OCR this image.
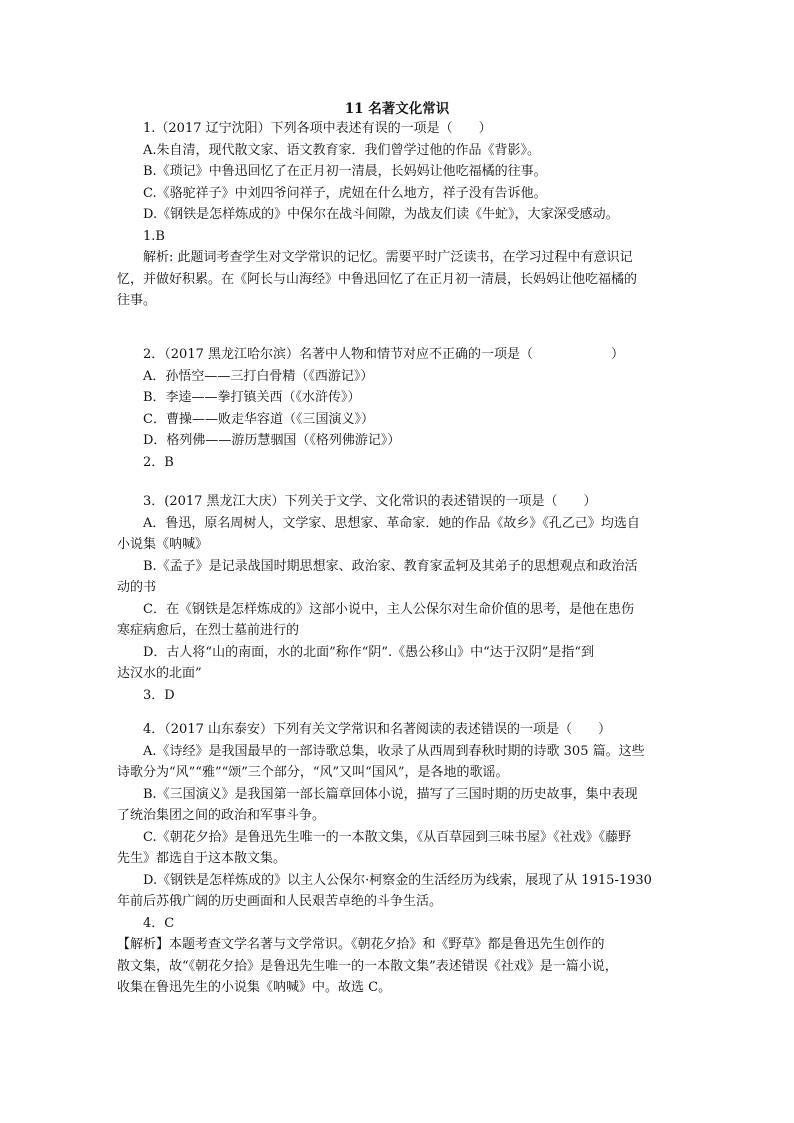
11 名著文化常识
1.（2017 辽宁沈阳）下列各项中表述有误的一项是（　　）
A.朱自清，现代散文家、语文教育家．我们曾学过他的作品《背影》。
B.《琐记》中鲁迅回忆了在正月初一清晨，长妈妈让他吃福橘的往事。
C.《骆驼祥子》中刘四爷问祥子，虎妞在什么地方，祥子没有告诉他。
D.《钢铁是怎样炼成的》中保尔在战斗间隙，为战友们读《牛虻》，大家深受感动。
1.B
解析: 此题词考查学生对文学常识的记忆。需要平时广泛读书，在学习过程中有意识记
忆，并做好积累。在《阿长与山海经》中鲁迅回忆了在正月初一清晨，长妈妈让他吃福橘的
往事。
2．（2017 黑龙江哈尔滨）名著中人物和情节对应不正确的一项是（　　　　　　）
A．孙悟空——三打白骨精（《西游记》）
B．李逵——拳打镇关西（《水浒传》）
C．曹操——败走华容道（《三国演义》）
D．格列佛——游历慧骃国（《格列佛游记》）
2．B
3．(2017 黑龙江大庆）下列关于文学、文化常识的表述错误的一项是（　　）
A．鲁迅，原名周树人，文学家、思想家、革命家．她的作品《故乡》《孔乙己》均选自
小说集《呐喊》
B.《孟子》是记录战国时期思想家、政治家、教育家孟轲及其弟子的思想观点和政治活
动的书
C．在《钢铁是怎样炼成的》这部小说中，主人公保尔对生命价值的思考，是他在患伤
寒症病愈后，在烈士墓前进行的
D．古人将“山的南面，水的北面”称作“阴”.《愚公移山》中“达于汉阴”是指“到
达汉水的北面”
3．D
4．（2017 山东泰安）下列有关文学常识和名著阅读的表述错误的一项是（　　）
A.《诗经》是我国最早的一部诗歌总集，收录了从西周到春秋时期的诗歌 305 篇。这些
诗歌分为“风”“雅”“颂”三个部分，“风”又叫“国风”，是各地的歌谣。
B.《三国演义》是我国第一部长篇章回体小说，描写了三国时期的历史故事，集中表现
了统治集团之间的政治和军事斗争。
C.《朝花夕拾》是鲁迅先生唯一的一本散文集，《从百草园到三味书屋》《社戏》《藤野
先生》都选自于这本散文集。
D.《钢铁是怎样炼成的》以主人公保尔·柯察金的生活经历为线索，展现了从 1915-1930
年前后苏俄广阔的历史画面和人民艰苦卓绝的斗争生活。
4．C
【解析】本题考查文学名著与文学常识。《朝花夕拾》和《野草》都是鲁迅先生创作的
散文集，故“《朝花夕拾》是鲁迅先生唯一的一本散文集”表述错误《社戏》是一篇小说，
收集在鲁迅先生的小说集《呐喊》中。故选 C。
